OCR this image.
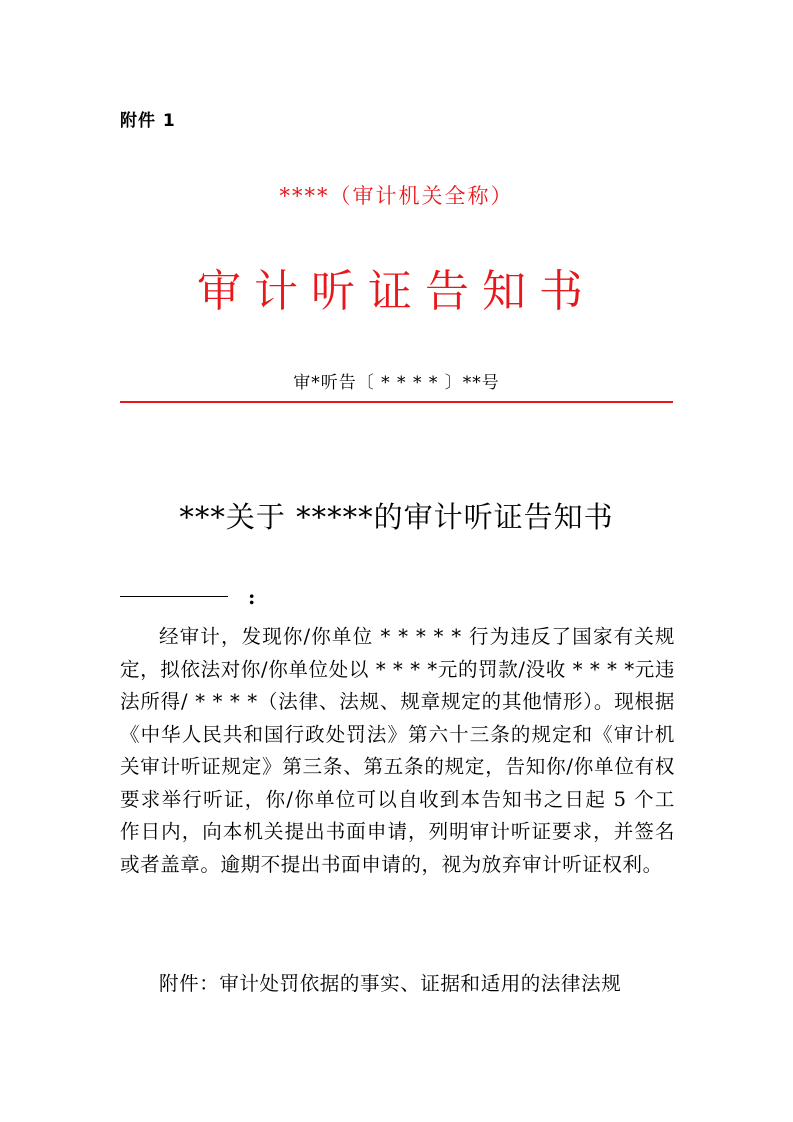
附件 1
****（审计机关全称）
审计听证告知书
审*听告〔 * * * * 〕**号
***关于 *****的审计听证告知书
:
经审计，发现你/你单位 * * * * * 行为违反了国家有关规定，拟依法对你/你单位处以 * * * *元的罚款/没收 * * * *元违法所得/ * * * *（法律、法规、规章规定的其他情形）。现根据《中华人民共和国行政处罚法》第六十三条的规定和《审计机关审计听证规定》第三条、第五条的规定，告知你/你单位有权要求举行听证，你/你单位可以自收到本告知书之日起 5 个工作日内，向本机关提出书面申请，列明审计听证要求，并签名或者盖章。逾期不提出书面申请的，视为放弃审计听证权利。
附件：审计处罚依据的事实、证据和适用的法律法规
